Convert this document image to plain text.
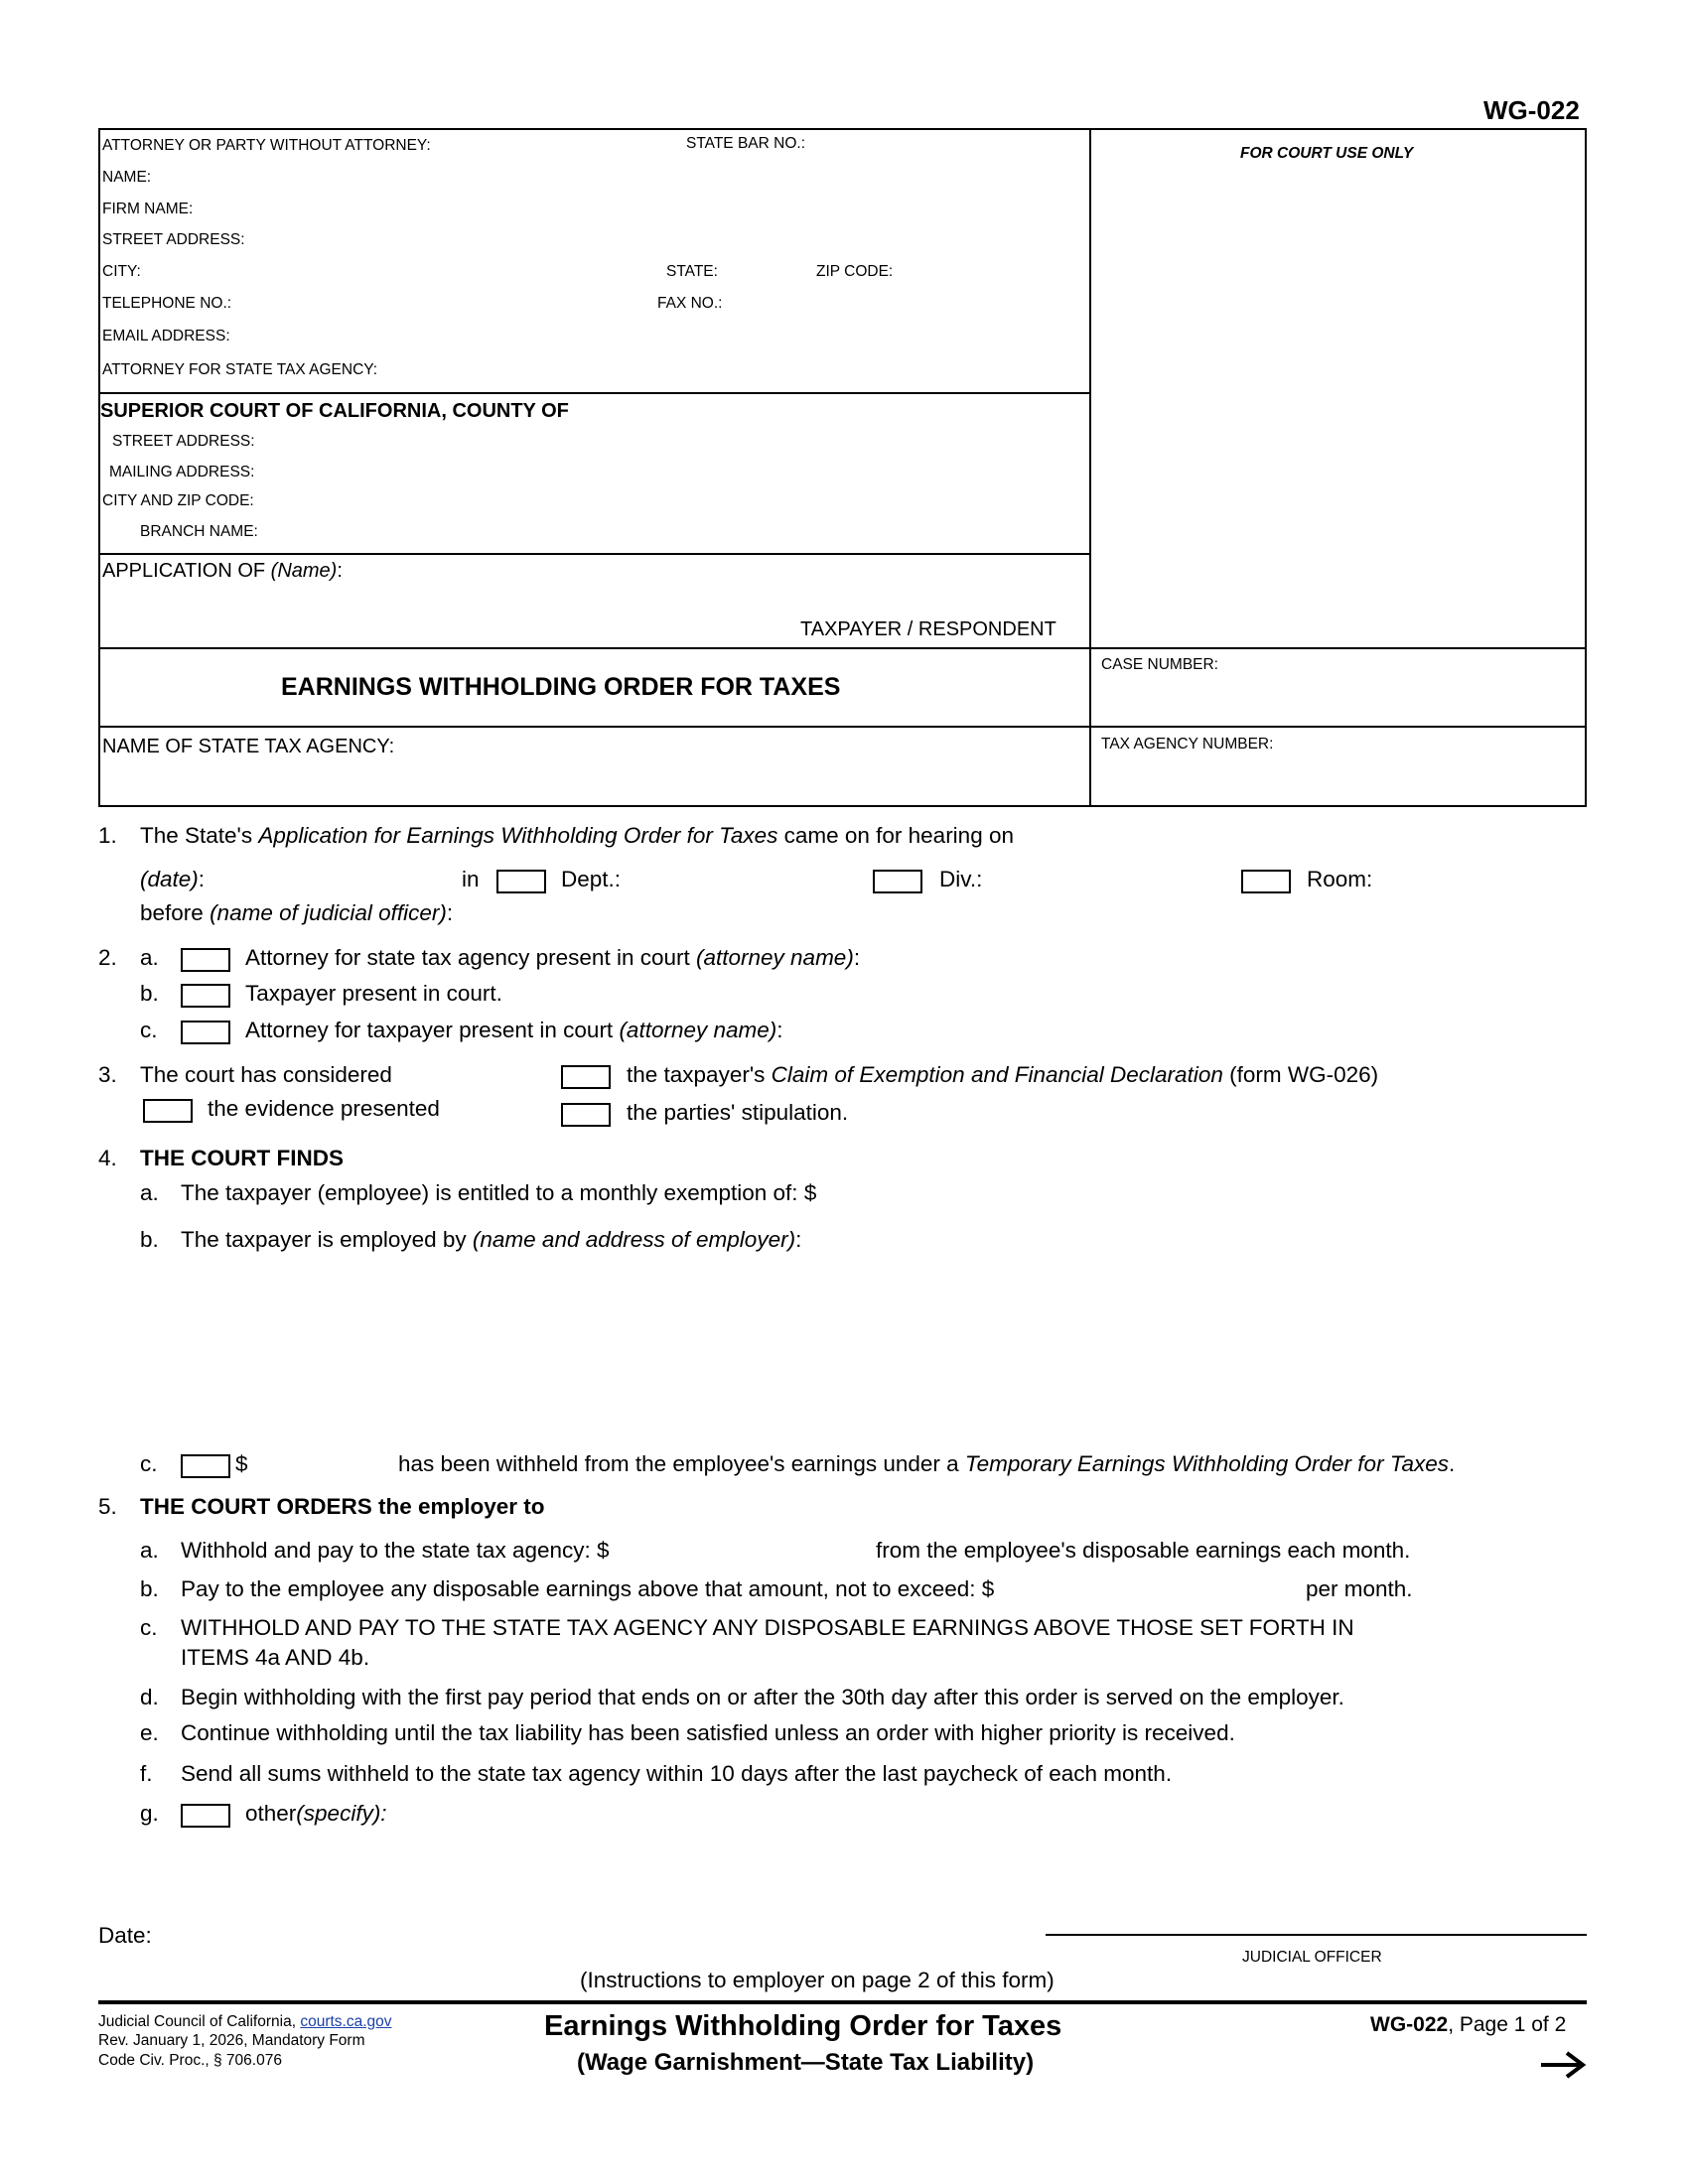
WG-022
ATTORNEY OR PARTY WITHOUT ATTORNEY:	STATE BAR NO.:
NAME:
FIRM NAME:
STREET ADDRESS:
CITY:	STATE:	ZIP CODE:
TELEPHONE NO.:	FAX NO.:
EMAIL ADDRESS:
ATTORNEY FOR STATE TAX AGENCY:
FOR COURT USE ONLY
SUPERIOR COURT OF CALIFORNIA, COUNTY OF
STREET ADDRESS:
MAILING ADDRESS:
CITY AND ZIP CODE:
BRANCH NAME:
APPLICATION OF (Name):
TAXPAYER / RESPONDENT
EARNINGS WITHHOLDING ORDER FOR TAXES
CASE NUMBER:
NAME OF STATE TAX AGENCY:	TAX AGENCY NUMBER:
1. The State's Application for Earnings Withholding Order for Taxes came on for hearing on
(date):	in	Dept.:	Div.:	Room:
before (name of judicial officer):
2. a.	Attorney for state tax agency present in court (attorney name):
b.	Taxpayer present in court.
c.	Attorney for taxpayer present in court (attorney name):
3. The court has considered	the taxpayer's Claim of Exemption and Financial Declaration (form WG-026)
the evidence presented	the parties' stipulation.
4. THE COURT FINDS
a. The taxpayer (employee) is entitled to a monthly exemption of: $
b. The taxpayer is employed by (name and address of employer):
c.	$	has been withheld from the employee's earnings under a Temporary Earnings Withholding Order for Taxes.
5. THE COURT ORDERS the employer to
a. Withhold and pay to the state tax agency: $	from the employee's disposable earnings each month.
b. Pay to the employee any disposable earnings above that amount, not to exceed: $	per month.
c. WITHHOLD AND PAY TO THE STATE TAX AGENCY ANY DISPOSABLE EARNINGS ABOVE THOSE SET FORTH IN
ITEMS 4a AND 4b.
d. Begin withholding with the first pay period that ends on or after the 30th day after this order is served on the employer.
e. Continue withholding until the tax liability has been satisfied unless an order with higher priority is received.
f. Send all sums withheld to the state tax agency within 10 days after the last paycheck of each month.
g.	other(specify):
Date:
JUDICIAL OFFICER
(Instructions to employer on page 2 of this form)
Judicial Council of California, courts.ca.gov
Rev. January 1, 2026, Mandatory Form
Code Civ. Proc., § 706.076
Earnings Withholding Order for Taxes
(Wage Garnishment—State Tax Liability)
WG-022, Page 1 of 2
